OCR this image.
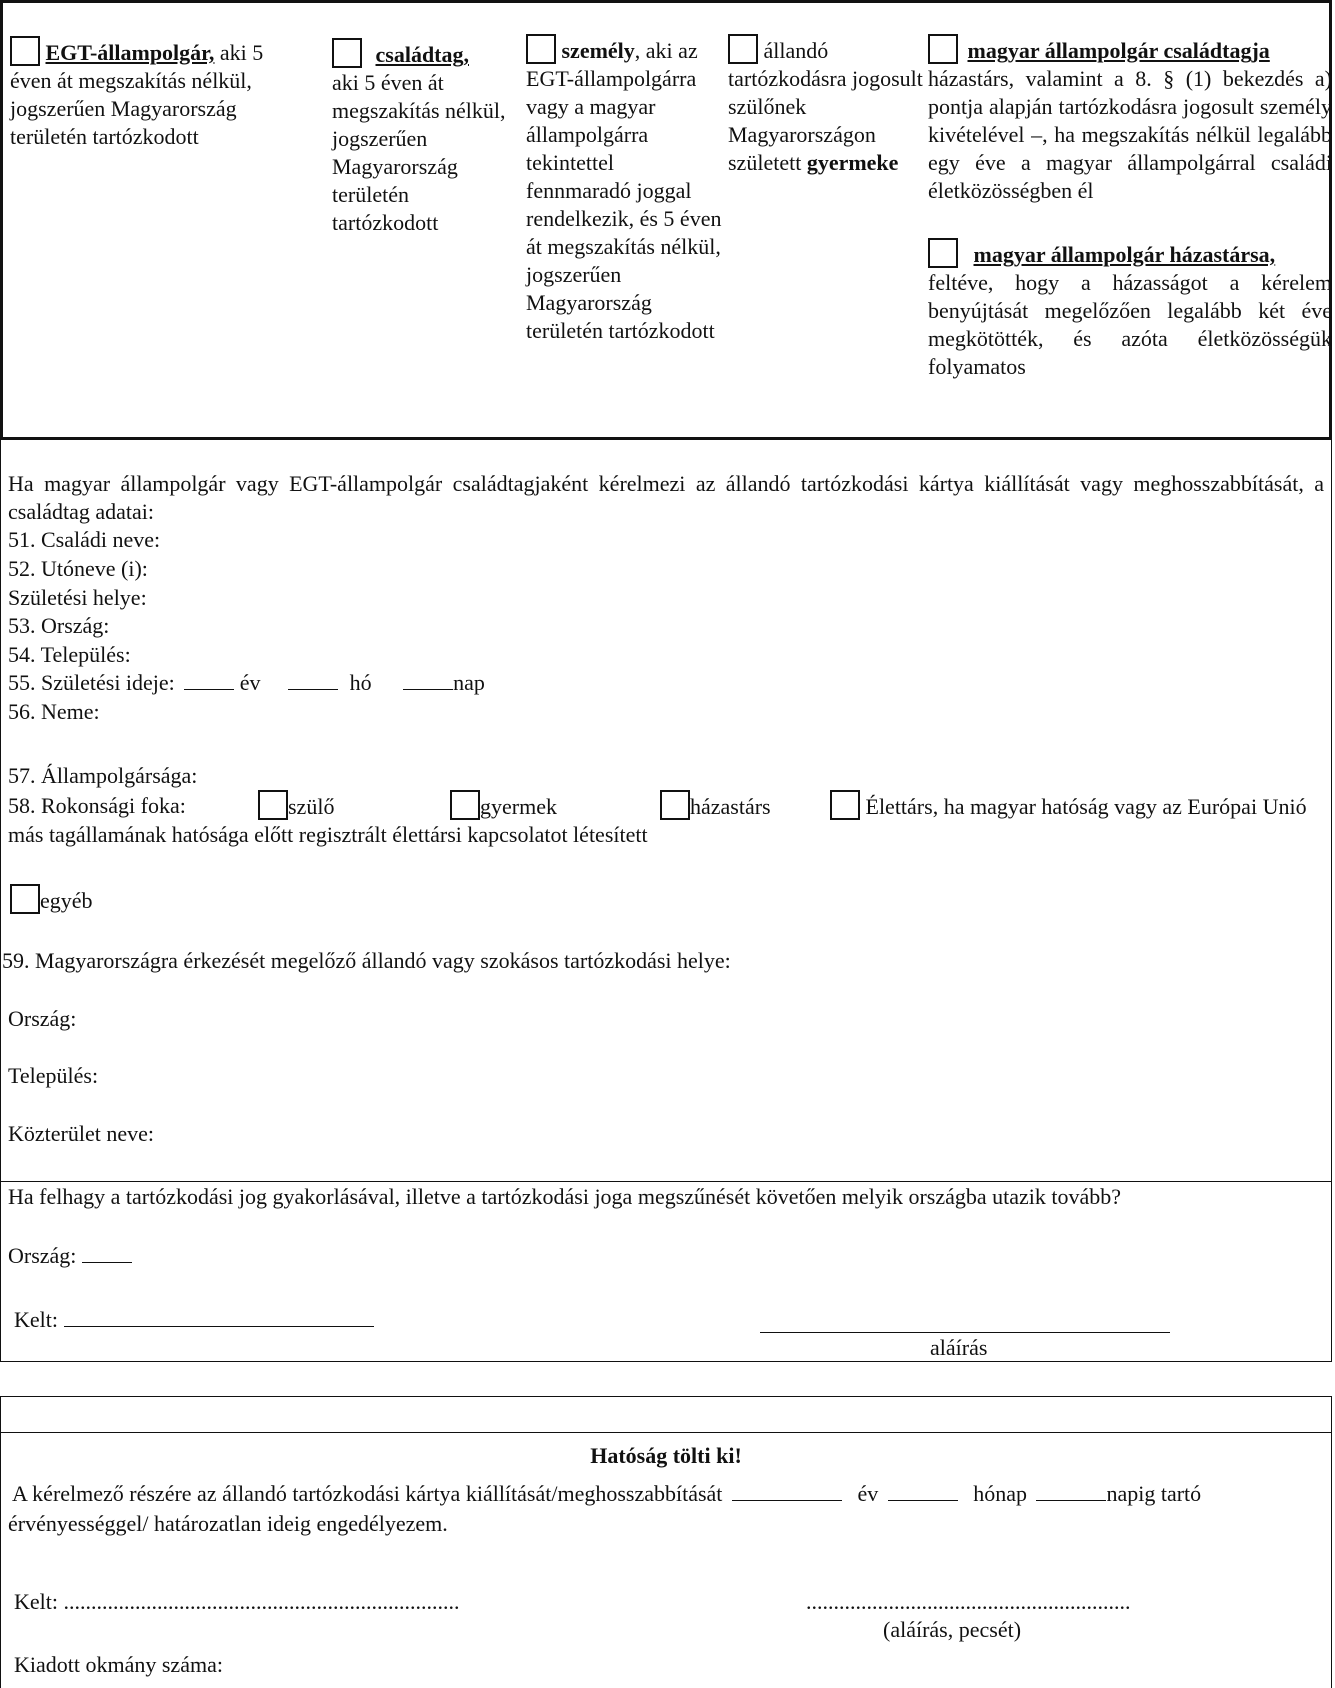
EGT-állampolgár, aki 5 éven át megszakítás nélkül, jogszerűen Magyarország területén tartózkodott
családtag,
aki 5 éven át megszakítás nélkül, jogszerűen Magyarország területén tartózkodott
személy, aki az EGT-állampolgárra vagy a magyar állampolgárra tekintettel fennmaradó joggal rendelkezik, és 5 éven át megszakítás nélkül, jogszerűen Magyarország területén tartózkodott
állandó tartózkodásra jogosult szülőnek Magyarországon született gyermeke
magyar állampolgár családtagja
házastárs, valamint a 8. § (1) bekezdés a) pontja alapján tartózkodásra jogosult személy kivételével –, ha megszakítás nélkül legalább egy éve a magyar állampolgárral családi életközösségben él
magyar állampolgár házastársa,
feltéve, hogy a házasságot a kérelem benyújtását megelőzően legalább két éve megkötötték, és azóta életközösségük folyamatos
Ha magyar állampolgár vagy EGT-állampolgár családtagjaként kérelmezi az állandó tartózkodási kártya kiállítását vagy meghosszabbítását, a családtag adatai:
51. Családi neve:
52. Utóneve (i):
Születési helye:
53. Ország:
54. Település:
55. Születési ideje:	év	hó	nap
56. Neme:
57. Állampolgársága:
58. Rokonsági foka:	szülő	gyermek	házastárs	Élettárs, ha magyar hatóság vagy az Európai Unió más tagállamának hatósága előtt regisztrált élettársi kapcsolatot létesített
egyéb
59. Magyarországra érkezését megelőző állandó vagy szokásos tartózkodási helye:
Ország:
Település:
Közterület neve:
Ha felhagy a tartózkodási jog gyakorlásával, illetve a tartózkodási joga megszűnését követően melyik országba utazik tovább?
Ország:
Kelt:
aláírás
Hatóság tölti ki!
A kérelmező részére az állandó tartózkodási kártya kiállítását/meghosszabbítását	év	hónap	napig tartó
érvényességgel/ határozatlan ideig engedélyezem.
Kelt: ........................................................................	...........................................................
(aláírás, pecsét)
Kiadott okmány száma:
